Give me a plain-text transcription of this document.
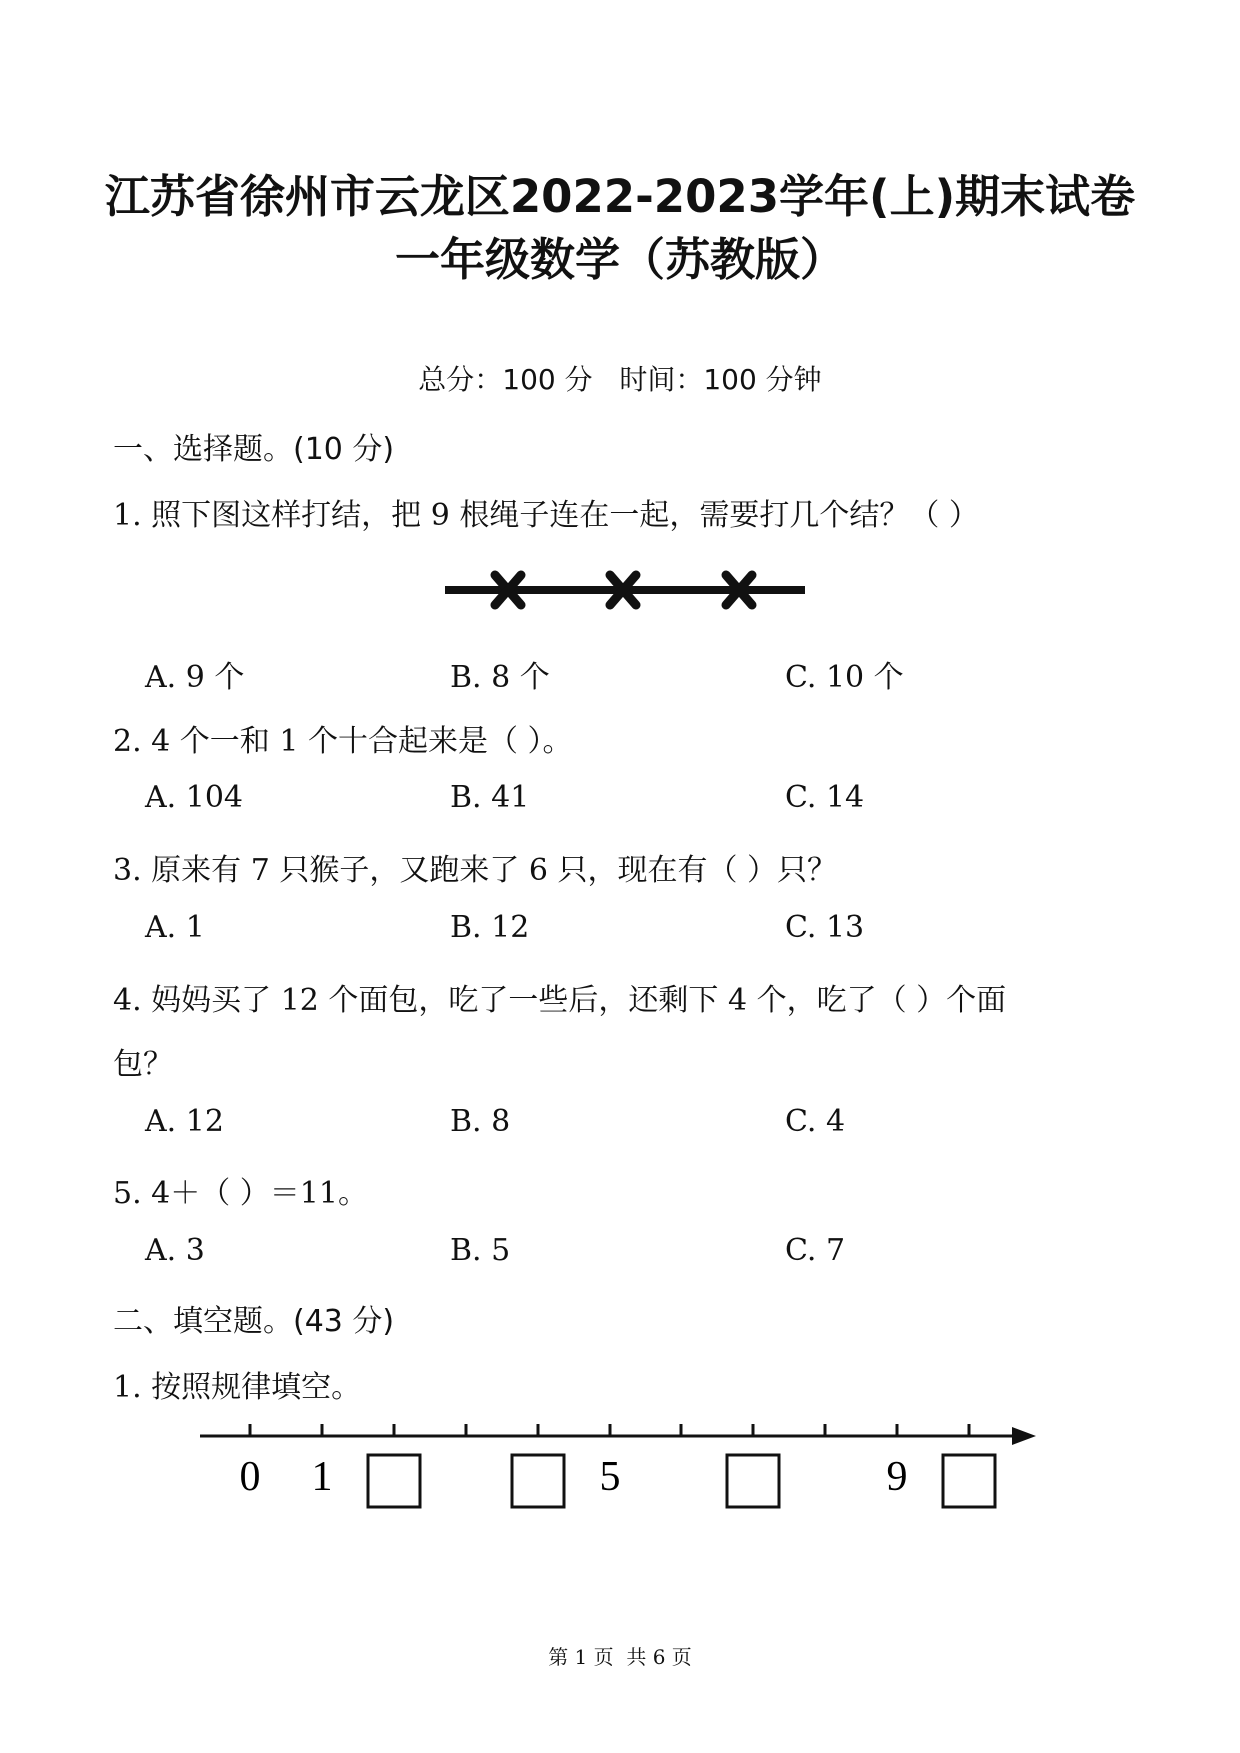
江苏省徐州市云龙区2022-2023学年(上)期末试卷
一年级数学（苏教版）
总分：100 分   时间：100 分钟
一、选择题。(10 分)
1. 照下图这样打结，把 9 根绳子连在一起，需要打几个结？（ ）
A. 9 个	B. 8 个	C. 10 个
2. 4 个一和 1 个十合起来是（ ）。
A. 104	B. 41	C. 14
3. 原来有 7 只猴子，又跑来了 6 只，现在有（ ）只？
A. 1	B. 12	C. 13
4. 妈妈买了 12 个面包，吃了一些后，还剩下 4 个，吃了（ ）个面
包？
A. 12	B. 8	C. 4
5. 4＋（ ）＝11。
A. 3	B. 5	C. 7
二、填空题。(43 分)
1. 按照规律填空。
0 1	5	9
第 1 页  共 6 页
